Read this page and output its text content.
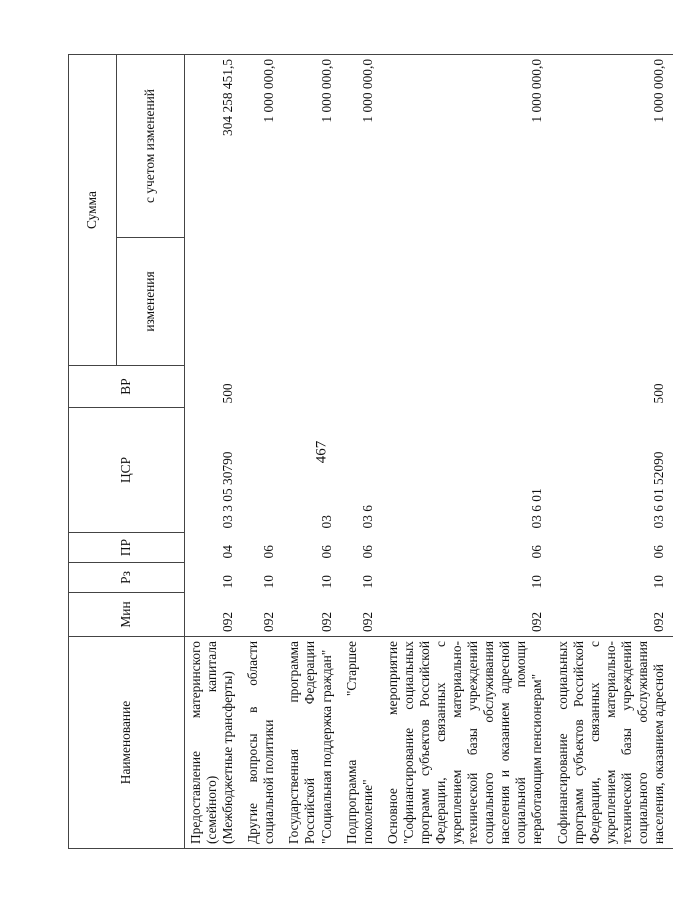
467
Наименование	Мин	Рз	ПР	ЦСР	ВР	Сумма	
						изменения	с учетом изменений
Предоставление материнского (семейного) капитала (Межбюджетные трансферты)	092	10	04	03 3 05 30790	500		304 258 451,5
Другие вопросы в области социальной политики	092	10	06				1 000 000,0
Государственная программа Российской Федерации "Социальная поддержка граждан"	092	10	06	03			1 000 000,0
Подпрограмма "Старшее поколение"	092	10	06	03 6			1 000 000,0
Основное мероприятие "Софинансирование социальных программ субъектов Российской Федерации, связанных с укреплением материально-технической базы учреждений социального обслуживания населения и оказанием адресной социальной помощи неработающим пенсионерам"	092	10	06	03 6 01			1 000 000,0
Софинансирование социальных программ субъектов Российской Федерации, связанных с укреплением материально-технической базы учреждений социального обслуживания населения, оказанием адресной	092	10	06	03 6 01 52090	500		1 000 000,0
